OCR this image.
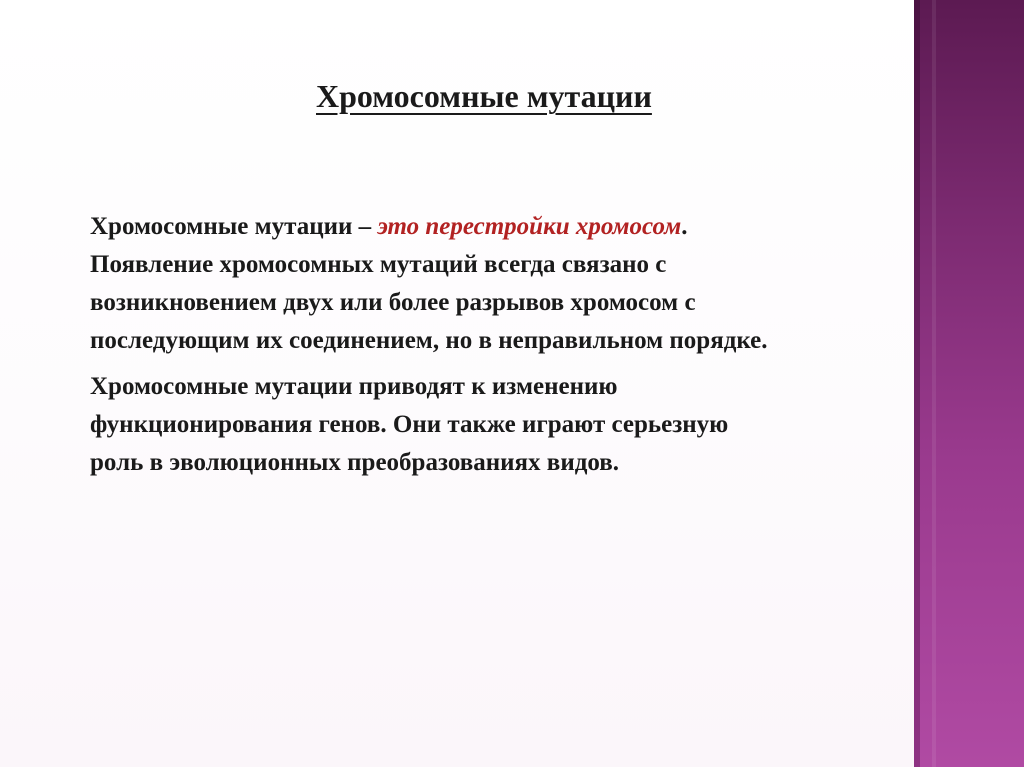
Хромосомные мутации

Хромосомные мутации – это перестройки хромосом.
Появление хромосомных мутаций всегда связано с
возникновением двух или более разрывов хромосом с
последующим их соединением, но в неправильном порядке.

Хромосомные мутации приводят к изменению
функционирования генов. Они также играют серьезную
роль в эволюционных преобразованиях видов.
